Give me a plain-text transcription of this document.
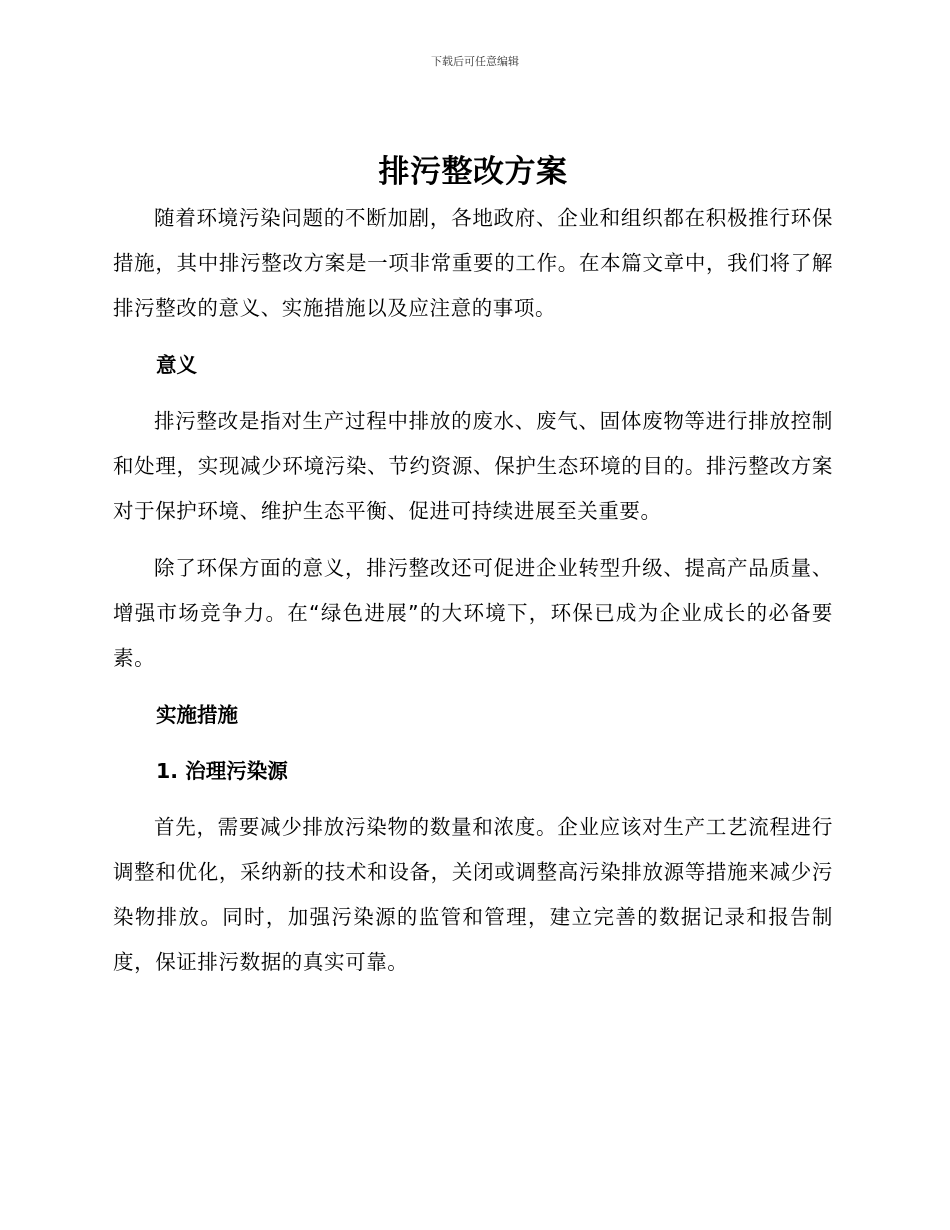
下载后可任意编辑
排污整改方案

随着环境污染问题的不断加剧，各地政府、企业和组织都在积极推行环保措施，其中排污整改方案是一项非常重要的工作。在本篇文章中，我们将了解排污整改的意义、实施措施以及应注意的事项。

意义

排污整改是指对生产过程中排放的废水、废气、固体废物等进行排放控制和处理，实现减少环境污染、节约资源、保护生态环境的目的。排污整改方案对于保护环境、维护生态平衡、促进可持续进展至关重要。

除了环保方面的意义，排污整改还可促进企业转型升级、提高产品质量、增强市场竞争力。在“绿色进展”的大环境下，环保已成为企业成长的必备要素。

实施措施
1. 治理污染源

首先，需要减少排放污染物的数量和浓度。企业应该对生产工艺流程进行调整和优化，采纳新的技术和设备，关闭或调整高污染排放源等措施来减少污染物排放。同时，加强污染源的监管和管理，建立完善的数据记录和报告制度，保证排污数据的真实可靠。
